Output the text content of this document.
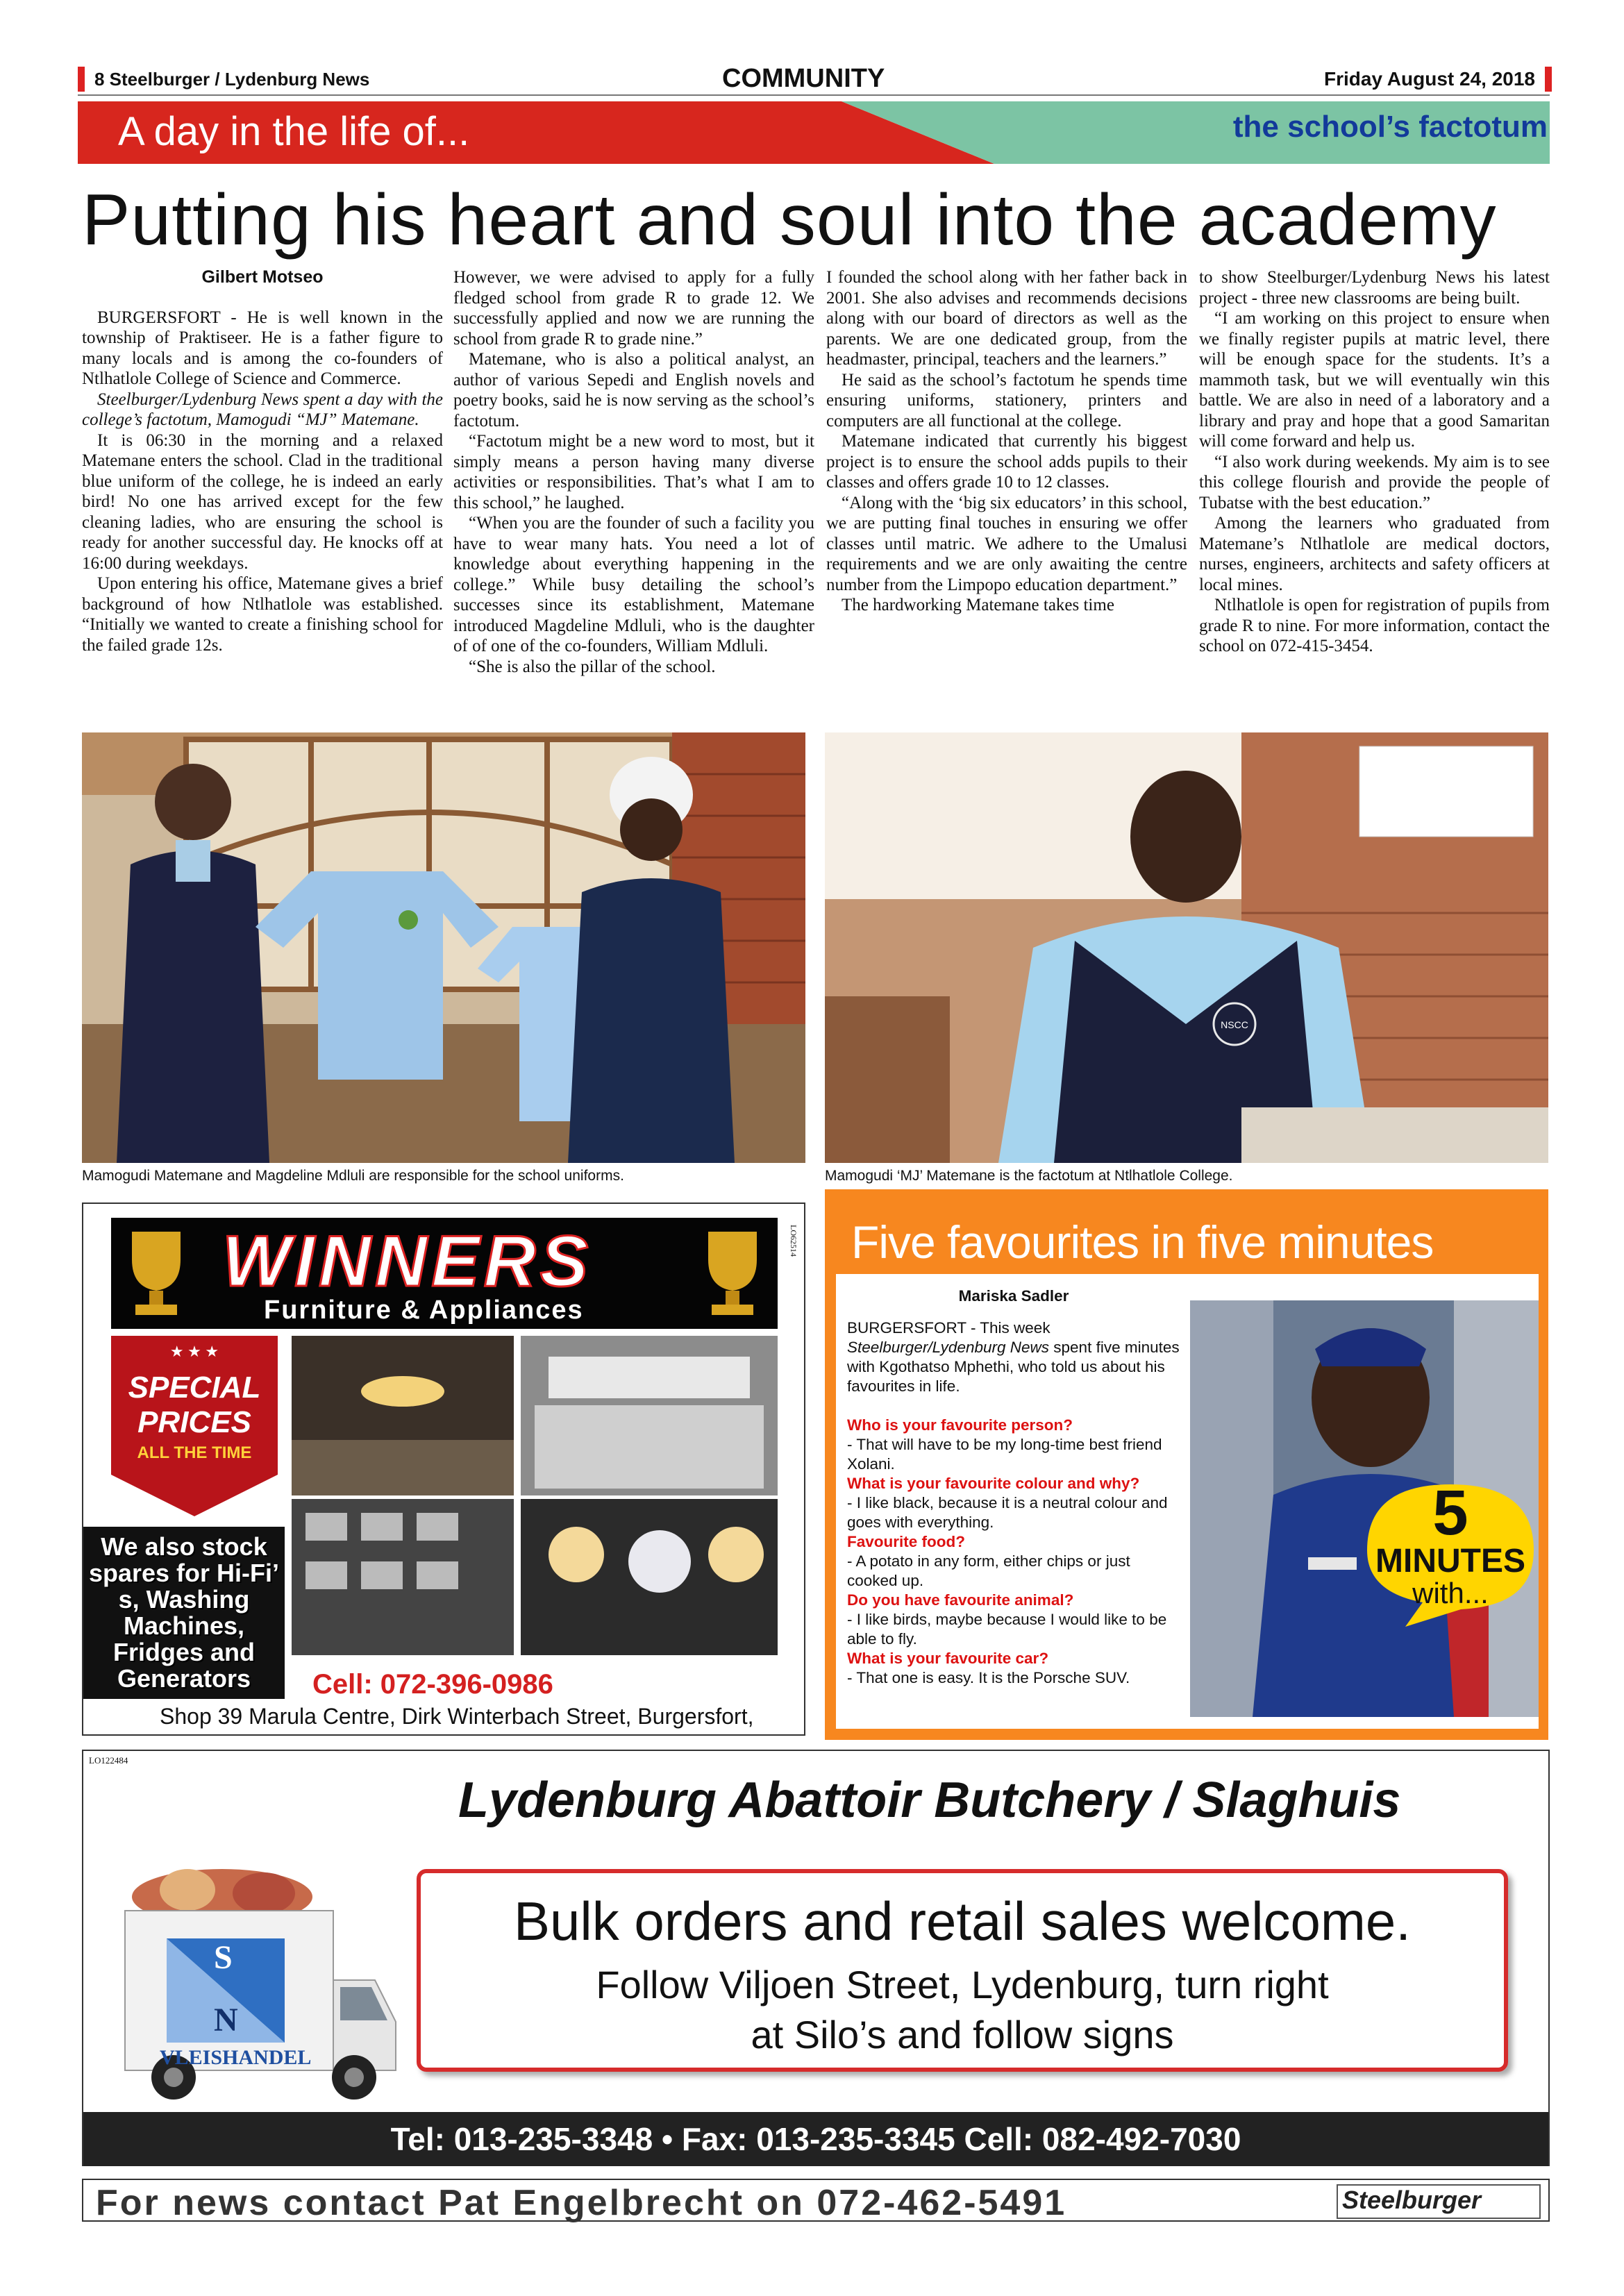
8 Steelburger / Lydenburg News	COMMUNITY	Friday August 24, 2018
A day in the life of...	the school’s factotum
Putting his heart and soul into the academy

Gilbert Motseo

BURGERSFORT - He is well known in the township of Praktiseer. He is a father figure to many locals and is among the co-founders of Ntlhatlole College of Science and Commerce.

Steelburger/Lydenburg News spent a day with the college’s factotum, Mamogudi “MJ” Matemane.

It is 06:30 in the morning and a relaxed Matemane enters the school. Clad in the traditional blue uniform of the college, he is indeed an early bird! No one has arrived except for the few cleaning ladies, who are ensuring the school is ready for another successful day. He knocks off at 16:00 during weekdays.

Upon entering his office, Matemane gives a brief background of how Ntlhatlole was established. “Initially we wanted to create a finishing school for the failed grade 12s.

However, we were advised to apply for a fully fledged school from grade R to grade 12. We successfully applied and now we are running the school from grade R to grade nine.”

Matemane, who is also a political analyst, an author of various Sepedi and English novels and poetry books, said he is now serving as the school’s factotum.

“Factotum might be a new word to most, but it simply means a person having many diverse activities or responsibilities. That’s what I am to this school,” he laughed.

“When you are the founder of such a facility you have to wear many hats. You need a lot of knowledge about everything happening in the college.” While busy detailing the school’s successes since its establishment, Matemane introduced Magdeline Mdluli, who is the daughter of of one of the co-founders, William Mdluli.

“She is also the pillar of the school.

I founded the school along with her father back in 2001. She also advises and recommends decisions along with our board of directors as well as the parents. We are one dedicated group, from the headmaster, principal, teachers and the learners.”

He said as the school’s factotum he spends time ensuring uniforms, stationery, printers and computers are all functional at the college.

Matemane indicated that currently his biggest project is to ensure the school adds pupils to their classes and offers grade 10 to 12 classes.

“Along with the ‘big six educators’ in this school, we are putting final touches in ensuring we offer classes until matric. We adhere to the Umalusi requirements and we are only awaiting the centre number from the Limpopo education department.”

The hardworking Matemane takes time

to show Steelburger/Lydenburg News his latest project - three new classrooms are being built.

“I am working on this project to ensure when we finally register pupils at matric level, there will be enough space for the students. It’s a mammoth task, but we will eventually win this battle. We are also in need of a laboratory and a library and pray and hope that a good Samaritan will come forward and help us.

“I also work during weekends. My aim is to see this college flourish and provide the people of Tubatse with the best education.”

Among the learners who graduated from Matemane’s Ntlhatlole are medical doctors, nurses, engineers, architects and safety officers at local mines.

Ntlhatlole is open for registration of pupils from grade R to nine. For more information, contact the school on 072-415-3454.

Mamogudi Matemane and Magdeline Mdluli are responsible for the school uniforms.
NSCC
Mamogudi ‘MJ’ Matemane is the factotum at Ntlhatlole College.
WINNERS
Furniture & Appliances
★ ★ ★
SPECIAL
PRICES
ALL THE TIME
We also stock spares for Hi-Fi’ s, Washing Machines, Fridges and Generators	Cell: 072-396-0986
Shop 39 Marula Centre, Dirk Winterbach Street, Burgersfort,
LO62514 Five favourites in five minutes

Mariska Sadler

BURGERSFORT - This week
Steelburger/Lydenburg News spent five minutes with Kgothatso Mphethi, who told us about his favourites in life.

Who is your favourite person?

- That will have to be my long-time best friend Xolani.

What is your favourite colour and why?

- I like black, because it is a neutral colour and goes with everything.

Favourite food?

- A potato in any form, either chips or just cooked up.

Do you have favourite animal?

- I like birds, maybe because I would like to be able to fly.

What is your favourite car?

- That one is easy. It is the Porsche SUV.

5
MINUTES
with...
LO122484
Lydenburg Abattoir Butchery / Slaghuis
Bulk orders and retail sales welcome.
Follow Viljoen Street, Lydenburg, turn right
at Silo’s and follow signs
S
N
VLEISHANDEL
Tel: 013-235-3348 • Fax: 013-235-3345 Cell: 082-492-7030
For news contact Pat Engelbrecht on 072-462-5491	Steelburger
